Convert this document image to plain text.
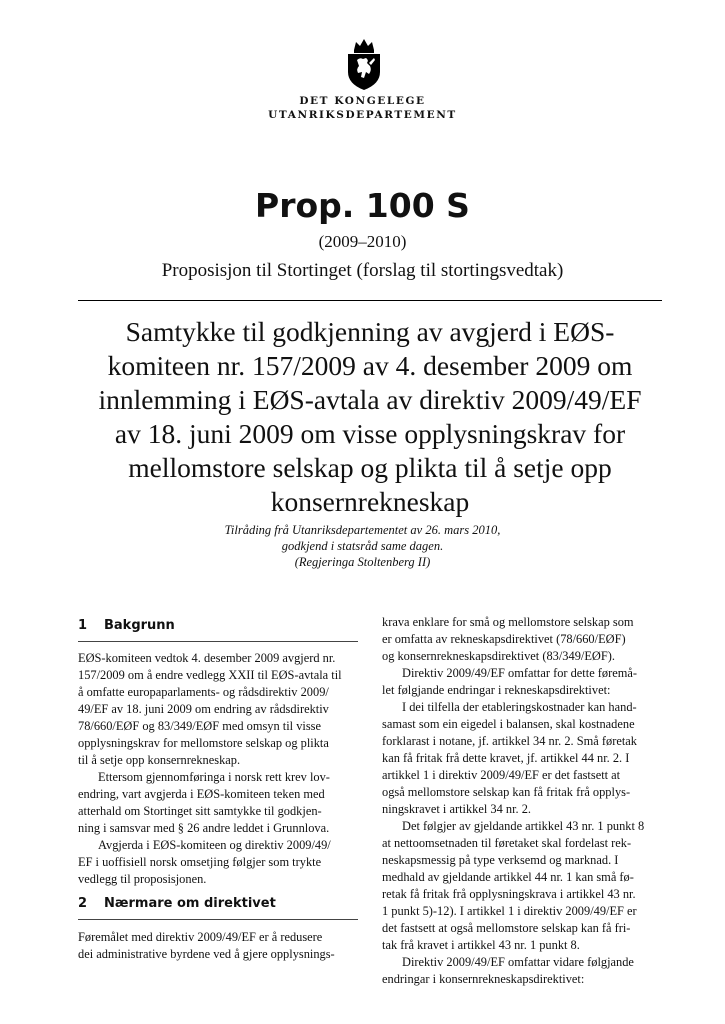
DET KONGELEGE
UTANRIKSDEPARTEMENT
Prop. 100 S
(2009–2010)
Proposisjon til Stortinget (forslag til stortingsvedtak)
Samtykke til godkjenning av avgjerd i EØS-
komiteen nr. 157/2009 av 4. desember 2009 om
innlemming i EØS-avtala av direktiv 2009/49/EF
av 18. juni 2009 om visse opplysningskrav for
mellomstore selskap og plikta til å setje opp
konsernrekneskap
Tilråding frå Utanriksdepartementet av 26. mars 2010,
godkjend i statsråd same dagen.
(Regjeringa Stoltenberg II)
1 Bakgrunn

EØS-komiteen vedtok 4. desember 2009 avgjerd nr.

157/2009 om å endre vedlegg XXII til EØS-avtala til

å omfatte europaparlaments- og rådsdirektiv 2009/

49/EF av 18. juni 2009 om endring av rådsdirektiv

78/660/EØF og 83/349/EØF med omsyn til visse

opplysningskrav for mellomstore selskap og plikta

til å setje opp konsernrekneskap.

Ettersom gjennomføringa i norsk rett krev lov-

endring, vart avgjerda i EØS-komiteen teken med

atterhald om Stortinget sitt samtykke til godkjen-

ning i samsvar med § 26 andre leddet i Grunnlova.

Avgjerda i EØS-komiteen og direktiv 2009/49/

EF i uoffisiell norsk omsetjing følgjer som trykte

vedlegg til proposisjonen.

2 Nærmare om direktivet

Føremålet med direktiv 2009/49/EF er å redusere

dei administrative byrdene ved å gjere opplysnings-

krava enklare for små og mellomstore selskap som

er omfatta av rekneskapsdirektivet (78/660/EØF)

og konsernrekneskapsdirektivet (83/349/EØF).

Direktiv 2009/49/EF omfattar for dette føremå-

let følgjande endringar i rekneskapsdirektivet:

I dei tilfella der etableringskostnader kan hand-

samast som ein eigedel i balansen, skal kostnadene

forklarast i notane, jf. artikkel 34 nr. 2. Små føretak

kan få fritak frå dette kravet, jf. artikkel 44 nr. 2. I

artikkel 1 i direktiv 2009/49/EF er det fastsett at

også mellomstore selskap kan få fritak frå opplys-

ningskravet i artikkel 34 nr. 2.

Det følgjer av gjeldande artikkel 43 nr. 1 punkt 8

at nettoomsetnaden til føretaket skal fordelast rek-

neskapsmessig på type verksemd og marknad. I

medhald av gjeldande artikkel 44 nr. 1 kan små fø-

retak få fritak frå opplysningskrava i artikkel 43 nr.

1 punkt 5)-12). I artikkel 1 i direktiv 2009/49/EF er

det fastsett at også mellomstore selskap kan få fri-

tak frå kravet i artikkel 43 nr. 1 punkt 8.

Direktiv 2009/49/EF omfattar vidare følgjande

endringar i konsernrekneskapsdirektivet:
